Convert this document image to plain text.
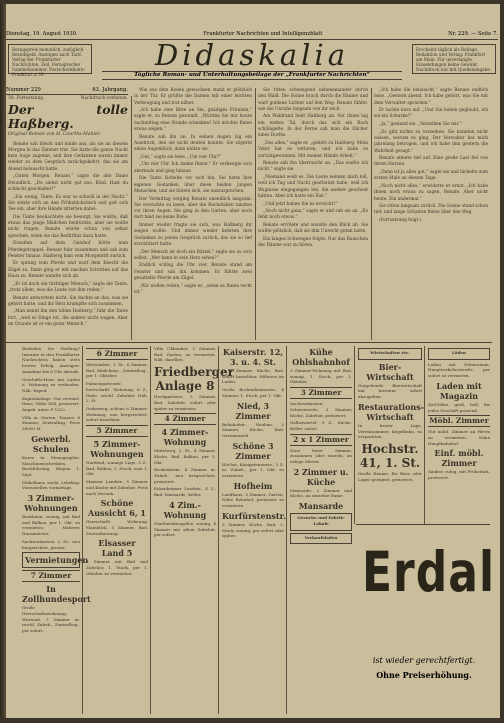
Dienstag, 19. August 1930.	Frankfurter Nachrichten und Intelligenzblatt	Nr. 229. — Seite 7.
Bezugspreis monatlich, zuzüglich Bestellgeld. Anzeigen nach Tarif. Verlag der Frankfurter Nachrichten, Zeil. Fernsprecher Sammelnummer. Postscheckkonto Frankfurt a. M.
Didaskalia
Tägliche Roman- und Unterhaltungsbeilage der „Frankfurter Nachrichten“
Erscheint täglich als Beilage. Redaktion und Verlag: Frankfurt am Main. Für unverlangte Einsendungen keine Gewähr. Nachdruck nur mit Quellenangabe.
Nummer 229	63. Jahrgang.
30. Fortsetzung.	Nachdruck verboten.
Der tolle Haßberg.
Original-Roman von H. Courths-Mahler.

Renate sah bleich und müde aus, als sie an diesem Morgen in das Zimmer trat. Sie hatte die ganze Nacht kein Auge zugetan, und ihre Gedanken waren immer wieder zu dem Gespräch zurückgekehrt, das sie am Abend belauscht hatte.

„Guten Morgen, Renate,“ sagte die alte Dame freundlich. „Du siehst nicht gut aus, Kind. Hast du schlecht geschlafen?“

„Ein wenig, Tante. Es war so schwül in der Nacht.“ Sie setzte sich an den Frühstückstisch und goß sich Tee ein, aber ihre Hände zitterten dabei.

Die Tante beobachtete sie besorgt. Sie wußte, daß etwas das junge Mädchen bedrückte, aber sie wollte nicht fragen. Renate würde schon von selbst sprechen, wenn sie das Bedürfnis dazu hatte.

Draußen auf dem Gutshof hörte man Pferdegetrappel. Renate fuhr zusammen und sah zum Fenster hinaus. Haßberg kam vom Morgenritt zurück.

Er sprang vom Pferde und warf dem Knecht die Zügel zu. Dann ging er mit raschen Schritten auf das Haus zu. Renate wandte sich ab.

„Er ist doch ein tüchtiger Mensch,“ sagte die Tante, „trotz allem, was die Leute von ihm reden.“

Renate antwortete nicht. Sie dachte an das, was sie gehört hatte, und ihr Herz krampfte sich zusammen.

„Man nennt ihn den tollen Haßberg,“ fuhr die Tante fort, „weil er Dinge tut, die andere nicht wagen. Aber im Grunde ist er ein guter Mensch.“

Wie aus dem Boden gewachsen stand er plötzlich in der Tür. Er grüßte die Damen mit einer leichten Verbeugung und trat näher.

„Ich habe eine Bitte an Sie, gnädiges Fräulein,“ sagte er, zu Renate gewandt. „Würden Sie mir heute nachmittag eine Stunde schenken? Ich möchte Ihnen etwas zeigen.“

Renate sah ihn an. In seinen Augen lag ein Ausdruck, den sie nicht deuten konnte. Sie zögerte einen Augenblick, dann nickte sie.

„Gut,“ sagte sie leise. „Um vier Uhr?“

„Um vier Uhr. Ich danke Ihnen.“ Er verbeugte sich abermals und ging hinaus.

Die Tante lächelte vor sich hin. Sie hatte ihre eigenen Gedanken über diese beiden jungen Menschen, und sie hütete sich, sie auszusprechen.

Der Vormittag verging Renate unendlich langsam. Sie versuchte zu lesen, aber die Buchstaben tanzten vor ihren Augen. Sie ging in den Garten, aber auch dort fand sie keine Ruhe.

Immer wieder fragte sie sich, was Haßberg ihr zeigen wollte. Und immer wieder kehrten ihre Gedanken zu jenem Gespräch zurück, das sie so tief erschüttert hatte.

„Der Mensch ist doch ein Rätsel,“ sagte sie zu sich selbst. „Wer kann in sein Herz sehen?“

Endlich schlug die Uhr vier. Renate stand am Fenster und sah ihn kommen. Er führte zwei gesattelte Pferde am Zügel.

„Wir wollen reiten,“ sagte er, „wenn es Ihnen recht ist.“

Sie ritten schweigend nebeneinander durch den Wald. Die Sonne brach durch die Bäume und warf goldene Lichter auf den Weg. Renate fühlte, wie die Unruhe langsam von ihr wich.

Am Waldrand hielt Haßberg an. Vor ihnen lag ein weites Tal, durch das sich ein Bach schlängelte. In der Ferne sah man die Dächer eines Dorfes.

„Das alles,“ sagte er, „gehört zu Haßberg. Mein Vater hat es verloren, und ich habe es zurückgewonnen. Mit meiner Hände Arbeit.“

Renate sah ihn überrascht an. „Das wußte ich nicht,“ sagte sie.

„Niemand weiß es. Die Leute nennen mich toll, weil ich Tag und Nacht gearbeitet habe, weil ich Wagnisse eingegangen bin, die andere gescheut hätten. Aber ich hatte ein Ziel.“

„Und jetzt haben Sie es erreicht?“

„Noch nicht ganz,“ sagte er und sah sie an. „Es fehlt noch etwas.“

Renate errötete und wandte den Blick ab. Sie wußte plötzlich, daß sie ihm Unrecht getan hatte.

Ein langes Schweigen folgte. Nur das Rauschen der Bäume war zu hören.

„Ich habe Sie belauscht,“ sagte Renate endlich leise. „Gestern abend. Ich habe gehört, was Sie mit dem Verwalter sprachen.“

Er lachte kurz auf. „Und Sie haben geglaubt, ich sei ein Schurke?“

„Ja,“ gestand sie. „Verzeihen Sie mir.“

„Es gibt nichts zu verzeihen. Sie konnten nicht wissen, worum es ging. Der Verwalter hat mich jahrelang betrogen, und ich habe ihm gestern die Wahrheit gesagt.“

Renate atmete tief auf. Eine große Last fiel von ihrem Herzen.

„Dann ist ja alles gut,“ sagte sie und lächelte zum ersten Male an diesem Tage.

„Noch nicht alles,“ erwiderte er ernst. „Ich habe Ihnen noch etwas zu sagen, Renate. Aber nicht heute. Ein andermal.“

Sie ritten langsam zurück. Die Sonne stand schon tief, und lange Schatten fielen über den Weg.

(Fortsetzung folgt.)

Bedürfen Sie Stellung? Inserate in den Frankfurter Nachrichten haben stets besten Erfolg. Anzeigen-Annahme bis 6 Uhr abends.
Geschäfts-Haus mit Laden u. Wohnung zu verkaufen. Näh. Exped.
Kapitalanlage. Gut verzinsl. Haus, Nähe Zeil, preiswert. Angeb. unter F 1522.
Villa m. Garten, Taunus, 8 Zimmer, Zentralhzg. Preis 38000 M.
Gewerbl. Schulen
Kurse in Stenographie, Maschinenschreiben, Buchführung. Beginn 1. Sept.
Möbelhaus sucht Lehrling. Vorzustellen vormittags.
3 Zimmer-Wohnungen
Bornheim, sonnig, mit Bad und Balkon, per 1. Okt. zu vermieten. Näheres Hausmeister.
Sachsenhausen, 2. St., neu hergerichtet, preisw.
Vermietungen
7 Zimmer
In Zollhundesport
Große Herrschaftswohnung, Westend, 7 Zimmer m. reichl. Zubeh., Zentralhzg., per sofort.
6 Zimmer
Westendstr., 1. St., 6 Zimmer, Bad, Mädchenz., Zentralhzg., per 1. Oktober.
Palmengartenstr., herrschaftl. Wohnung, 6 Z., Diele, reichl. Zubehör. Näh. 2. St.
Oederweg, schöne 6 Zimmer-Wohnung, neu hergerichtet, sofort beziehbar.
5 Zimmer
5 Zimmer-Wohnungen
Nordend, sonnige Lage, 5 Z., Bad, Balkon, 2. Stock, zum 1. Okt.
Mainzer Landstr., 5 Zimmer und Küche mit Zubehör. Preis nach Vereinb.
Schöne Aussicht 6, 1
Herrschaftl. Wohnung, Mainblick, 5 Zimmer, Bad, Zentralheizung.
Elsasser Land 5
5 Zimmer mit Bad und Zubehör, 1. Stock, per 1. Oktober zu vermieten.
Villa Uhlandstr. 5 Zimmer, Bad, Garten, zu vermieten. Näh. daselbst.
Friedberger Anlage 8
Hochparterre, 5 Zimmer, Bad, Zubehör, sofort oder später zu vermieten.
4 Zimmer
4 Zimmer-Wohnung
Mittelweg, 2. St., 4 Zimmer, Küche, Bad, Balkon, per 1. Okt.
Bockenheim, 4 Zimmer m. Zubeh., neu hergerichtet, preiswert.
Eckenheimer Landstr., 4 Z., Bad, Mansarde, Keller.
4 Zim.-Wohnung
Günthersburgallee, sonnig, 4 Zimmer mit allem Zubehör, per sofort.
Kaiserstr. 12, 3. u. 4. St.
Je 4 Zimmer, Küche, Bad, sofort beziehbar. Näheres im Laden.
Große Bockenheimerstr., 4 Zimmer, 1. Stock, per 1. Okt.
Nied, 3 Zimmer
Bahnhofstr., Neubau, 3 Zimmer, Küche, Bad, Gartenanteil.
Schöne 3 Zimmer
Höchst, Königsteinerstr., 3 Z. m. Zubeh., per 1. Okt. zu vermieten.
Hofheim
Landhaus, 3 Zimmer, Garten, Nähe Bahnhof, preiswert zu vermieten.
Kurfürstenstr.
3 Zimmer, Küche, Bad, 2. Stock, sonnig, per sofort oder später.
Kühe Ohlshahnhof
3 Zimmer-Wohnung mit Bad, sonnig, 1. Stock, per 1. Oktober.
3 Zimmer
Sachsenhausen, Schweizerstr., 3 Zimmer, Küche, Zubehör, preiswert.
Gallusviertel, 3 Z., Küche, Keller, sofort.
2 x 1 Zimmer
Zwei leere Zimmer, zusammen oder einzeln, an ruhige Mieter.
2 Zimmer u. Küche
Mansarde, 2 Zimmer und Küche, an einzelne Dame.
Mansarde
Gesuche und Fabrik-Lokale
Verkaufsladen
Wirtschaften etc.
Bier-Wirtschaft
Gutgehende Bierwirtschaft mit Inventar sofort abzugeben.
Restaurations-Wirtschaft
In bester Lage, Vereinszimmer, Kegelbahn, zu verpachten.
Hochstr. 41, 1. St.
Große Räume, für Büro oder Lager geeignet, preiswert.
Läden
Laden mit Nebenraum, Hauptverkehrsstraße, per sofort zu vermieten.
Laden mit Magazin
Zeil-Nähe, groß, hell, für jedes Geschäft passend.
Möbl. Zimmer
Gut möbl. Zimmer an Herrn zu vermieten. Nähe Hauptbahnhof.
Einf. möbl. Zimmer
Sauber, ruhig, mit Frühstück, preiswert.
Erdal
ist wieder gerechtfertigt.
Ohne Preiserhöhung.
